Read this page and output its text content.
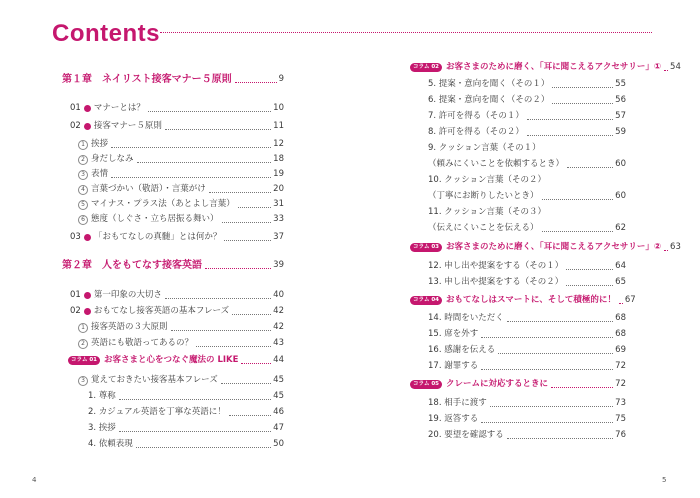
Contents
第１章　ネイリスト接客マナー５原則	9
01 マナーとは？	10
02 接客マナー５原則	11
1 挨拶	12
2 身だしなみ	18
3 表情	19
4 言葉づかい（敬語）・言葉がけ	20
5 マイナス・プラス法（あとよし言葉）	31
6 態度（しぐさ・立ち居振る舞い）	33
03 「おもてなしの真髄」とは何か？	37
第２章　人をもてなす接客英語	39
01 第一印象の大切さ	40
02 おもてなし接客英語の基本フレーズ	42
1 接客英語の３大原則	42
2 英語にも敬語ってあるの？	43
コラム 01 お客さまと心をつなぐ魔法の LIKE	44
3 覚えておきたい接客基本フレーズ	45
1. 尊称	45
2. カジュアル英語を丁寧な英語に！	46
3. 挨拶	47
4. 依頼表現	50
4
コラム 02 お客さまのために磨く、「耳に聞こえるアクセサリー」① 54
5. 提案・意向を聞く（その１）	55
6. 提案・意向を聞く（その２）	56
7. 許可を得る（その１）	57
8. 許可を得る（その２）	59
9. クッション言葉（その１）
（頼みにくいことを依頼するとき）	60
10. クッション言葉（その２）
（丁寧にお断りしたいとき）	60
11. クッション言葉（その３）
（伝えにくいことを伝える）	62
コラム 03 お客さまのために磨く、「耳に聞こえるアクセサリー」② 63
12. 申し出や提案をする（その１）	64
13. 申し出や提案をする（その２）	65
コラム 04 おもてなしはスマートに、そして積極的に！ 67
14. 時間をいただく	68
15. 席を外す	68
16. 感謝を伝える	69
17. 謝罪する	72
コラム 05 クレームに対応するときに	72
18. 相手に渡す	73
19. 返答する	75
20. 要望を確認する	76
5
